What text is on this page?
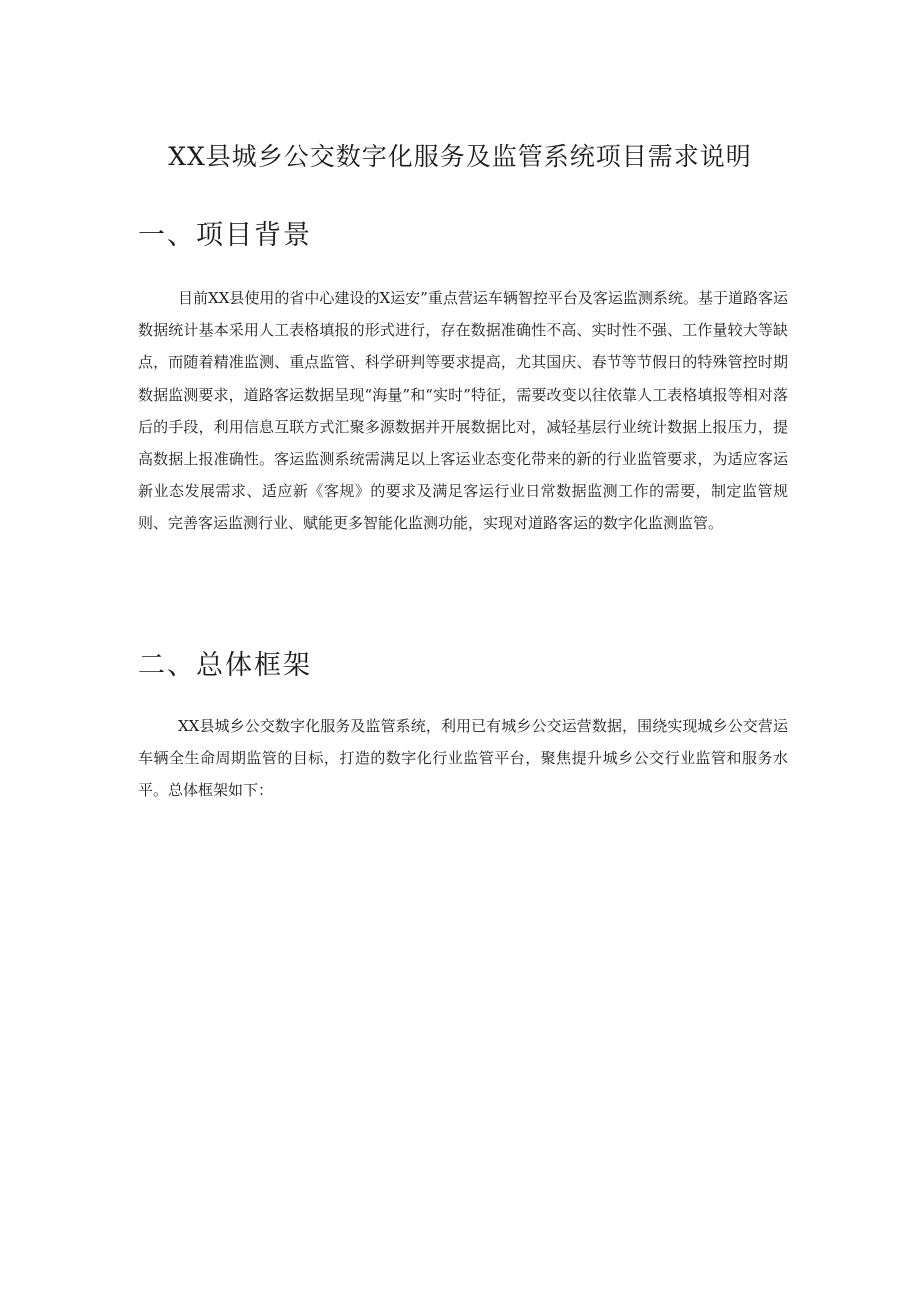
XX县城乡公交数字化服务及监管系统项目需求说明
一、项目背景

目前XX县使用的省中心建设的X运安”重点营运车辆智控平台及客运监测系统。基于道路客运数据统计基本采用人工表格填报的形式进行，存在数据准确性不高、实时性不强、工作量较大等缺点，而随着精准监测、重点监管、科学研判等要求提高，尤其国庆、春节等节假日的特殊管控时期数据监测要求，道路客运数据呈现“海量”和“实时”特征，需要改变以往依靠人工表格填报等相对落后的手段，利用信息互联方式汇聚多源数据并开展数据比对，减轻基层行业统计数据上报压力，提高数据上报准确性。客运监测系统需满足以上客运业态变化带来的新的行业监管要求，为适应客运新业态发展需求、适应新《客规》的要求及满足客运行业日常数据监测工作的需要，制定监管规则、完善客运监测行业、赋能更多智能化监测功能，实现对道路客运的数字化监测监管。

二、总体框架

XX县城乡公交数字化服务及监管系统，利用已有城乡公交运营数据，围绕实现城乡公交营运车辆全生命周期监管的目标，打造的数字化行业监管平台，聚焦提升城乡公交行业监管和服务水平。总体框架如下：
